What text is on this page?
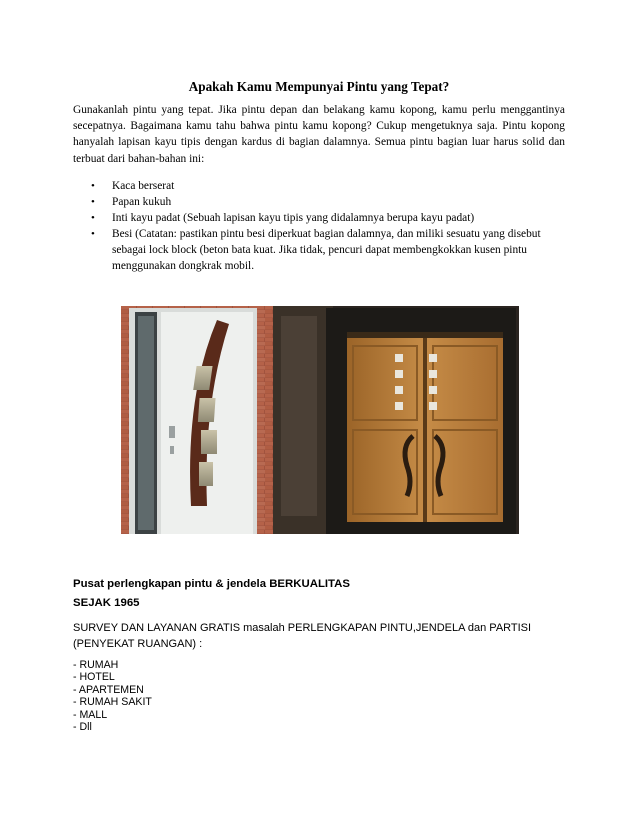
Apakah Kamu Mempunyai Pintu yang Tepat?

Gunakanlah pintu yang tepat. Jika pintu depan dan belakang kamu kopong, kamu perlu menggantinya secepatnya. Bagaimana kamu tahu bahwa pintu kamu kopong? Cukup mengetuknya saja. Pintu kopong hanyalah lapisan kayu tipis dengan kardus di bagian dalamnya. Semua pintu bagian luar harus solid dan terbuat dari bahan-bahan ini:

• Kaca berserat
• Papan kukuh
• Inti kayu padat (Sebuah lapisan kayu tipis yang didalamnya berupa kayu padat)
• Besi (Catatan: pastikan pintu besi diperkuat bagian dalamnya, dan miliki sesuatu yang disebut sebagai lock block (beton bata kuat. Jika tidak, pencuri dapat membengkokkan kusen pintu menggunakan dongkrak mobil.
Pusat perlengkapan pintu & jendela BERKUALITAS
SEJAK 1965

SURVEY DAN LAYANAN GRATIS masalah PERLENGKAPAN PINTU,JENDELA dan PARTISI (PENYEKAT RUANGAN) :

- RUMAH
- HOTEL
- APARTEMEN
- RUMAH SAKIT
- MALL
- Dll
